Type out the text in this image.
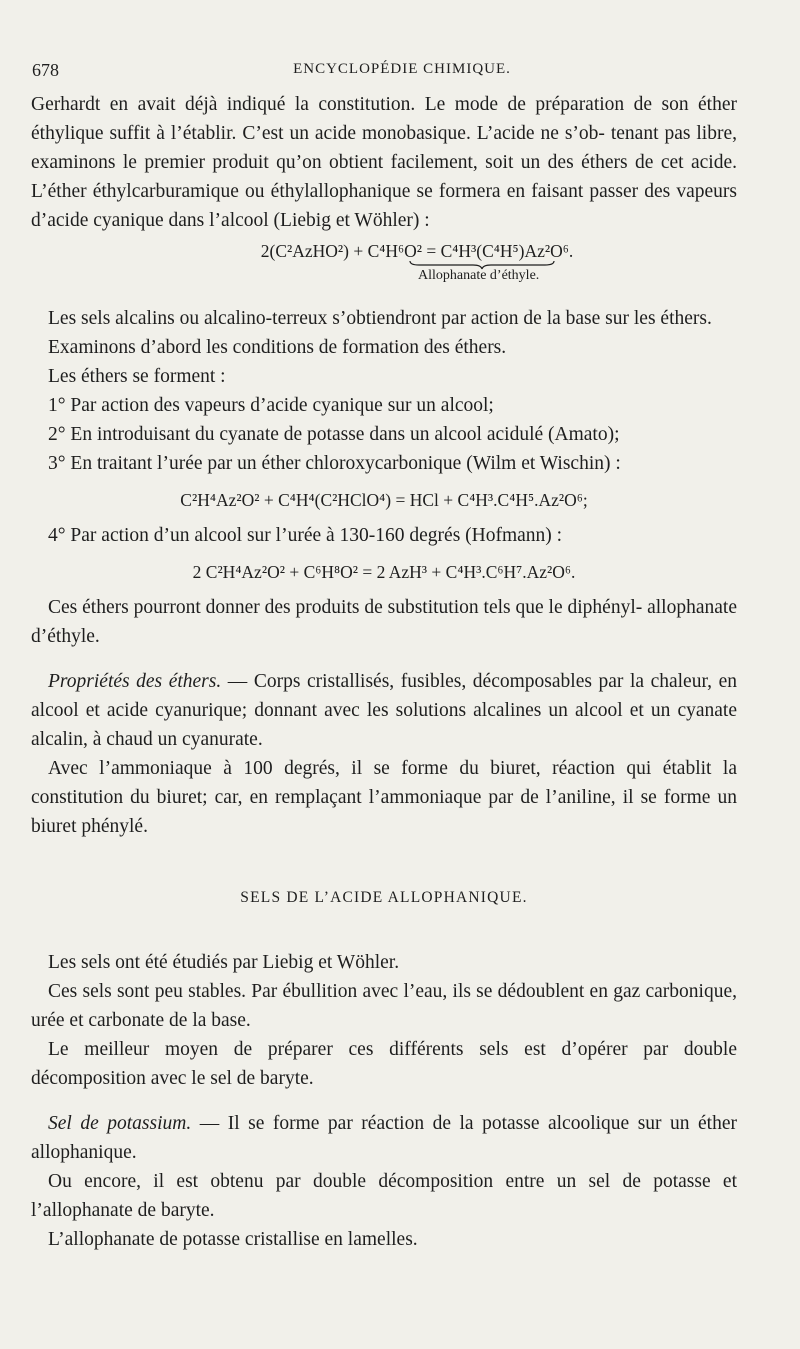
678	ENCYCLOPÉDIE CHIMIQUE.

Gerhardt en avait déjà indiqué la constitution. Le mode de préparation de son éther éthylique suffit à l’établir. C’est un acide monobasique. L’acide ne s’ob- tenant pas libre, examinons le premier produit qu’on obtient facilement, soit un des éthers de cet acide. L’éther éthylcarburamique ou éthylallophanique se formera en faisant passer des vapeurs d’acide cyanique dans l’alcool (Liebig et Wöhler) :

2(C²AzHO²) + C⁴H⁶O² = C⁴H³(C⁴H⁵)Az²O⁶.
Allophanate d’éthyle.

Les sels alcalins ou alcalino-terreux s’obtiendront par action de la base sur les éthers.

Examinons d’abord les conditions de formation des éthers.

Les éthers se forment :

1° Par action des vapeurs d’acide cyanique sur un alcool;

2° En introduisant du cyanate de potasse dans un alcool acidulé (Amato);

3° En traitant l’urée par un éther chloroxycarbonique (Wilm et Wischin) :

C²H⁴Az²O² + C⁴H⁴(C²HClO⁴) = HCl + C⁴H³.C⁴H⁵.Az²O⁶;

4° Par action d’un alcool sur l’urée à 130-160 degrés (Hofmann) :

2 C²H⁴Az²O² + C⁶H⁸O² = 2 AzH³ + C⁴H³.C⁶H⁷.Az²O⁶.

Ces éthers pourront donner des produits de substitution tels que le diphényl- allophanate d’éthyle.

Propriétés des éthers. — Corps cristallisés, fusibles, décomposables par la chaleur, en alcool et acide cyanurique; donnant avec les solutions alcalines un alcool et un cyanate alcalin, à chaud un cyanurate.

Avec l’ammoniaque à 100 degrés, il se forme du biuret, réaction qui établit la constitution du biuret; car, en remplaçant l’ammoniaque par de l’aniline, il se forme un biuret phénylé.

SELS DE L’ACIDE ALLOPHANIQUE.

Les sels ont été étudiés par Liebig et Wöhler.

Ces sels sont peu stables. Par ébullition avec l’eau, ils se dédoublent en gaz carbonique, urée et carbonate de la base.

Le meilleur moyen de préparer ces différents sels est d’opérer par double décomposition avec le sel de baryte.

Sel de potassium. — Il se forme par réaction de la potasse alcoolique sur un éther allophanique.

Ou encore, il est obtenu par double décomposition entre un sel de potasse et l’allophanate de baryte.

L’allophanate de potasse cristallise en lamelles.
